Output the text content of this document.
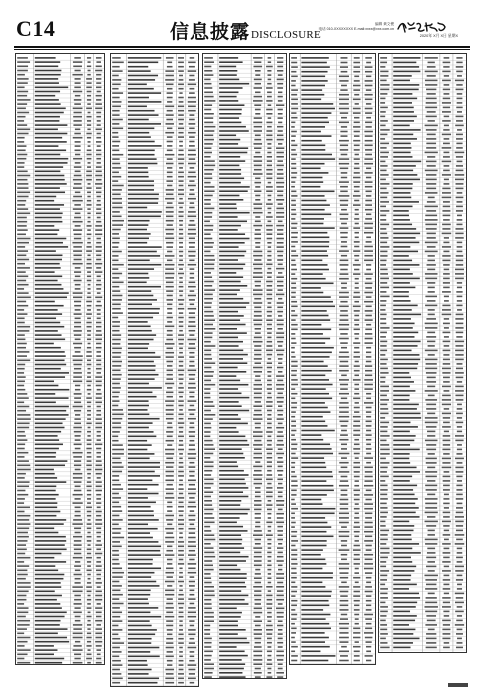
C14	信息披露DISCLOSURE
编辑 黄文俊
电话 010-XXXXXXXX E-mail:xxxx@xxx.com.cn
2020年 X月 X日 星期X
